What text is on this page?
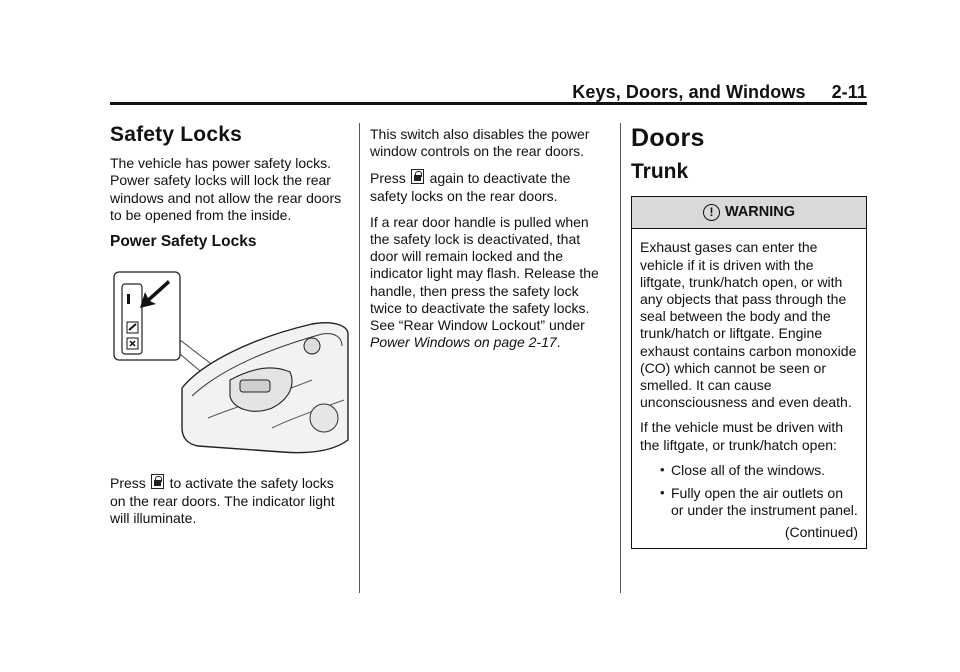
Keys, Doors, and Windows 2-11
Safety Locks

The vehicle has power safety locks. Power safety locks will lock the rear windows and not allow the rear doors to be opened from the inside.

Power Safety Locks

Press to activate the safety locks on the rear doors. The indicator light will illuminate.

This switch also disables the power window controls on the rear doors.

Press again to deactivate the safety locks on the rear doors.

If a rear door handle is pulled when the safety lock is deactivated, that door will remain locked and the indicator light may flash. Release the handle, then press the safety lock twice to deactivate the safety locks. See “Rear Window Lockout” under Power Windows on page 2-17.

Doors
Trunk
! WARNING

Exhaust gases can enter the vehicle if it is driven with the liftgate, trunk/hatch open, or with any objects that pass through the seal between the body and the trunk/hatch or liftgate. Engine exhaust contains carbon monoxide (CO) which cannot be seen or smelled. It can cause unconsciousness and even death.

If the vehicle must be driven with the liftgate, or trunk/hatch open:

• Close all of the windows.
• Fully open the air outlets on or under the instrument panel.
(Continued)
